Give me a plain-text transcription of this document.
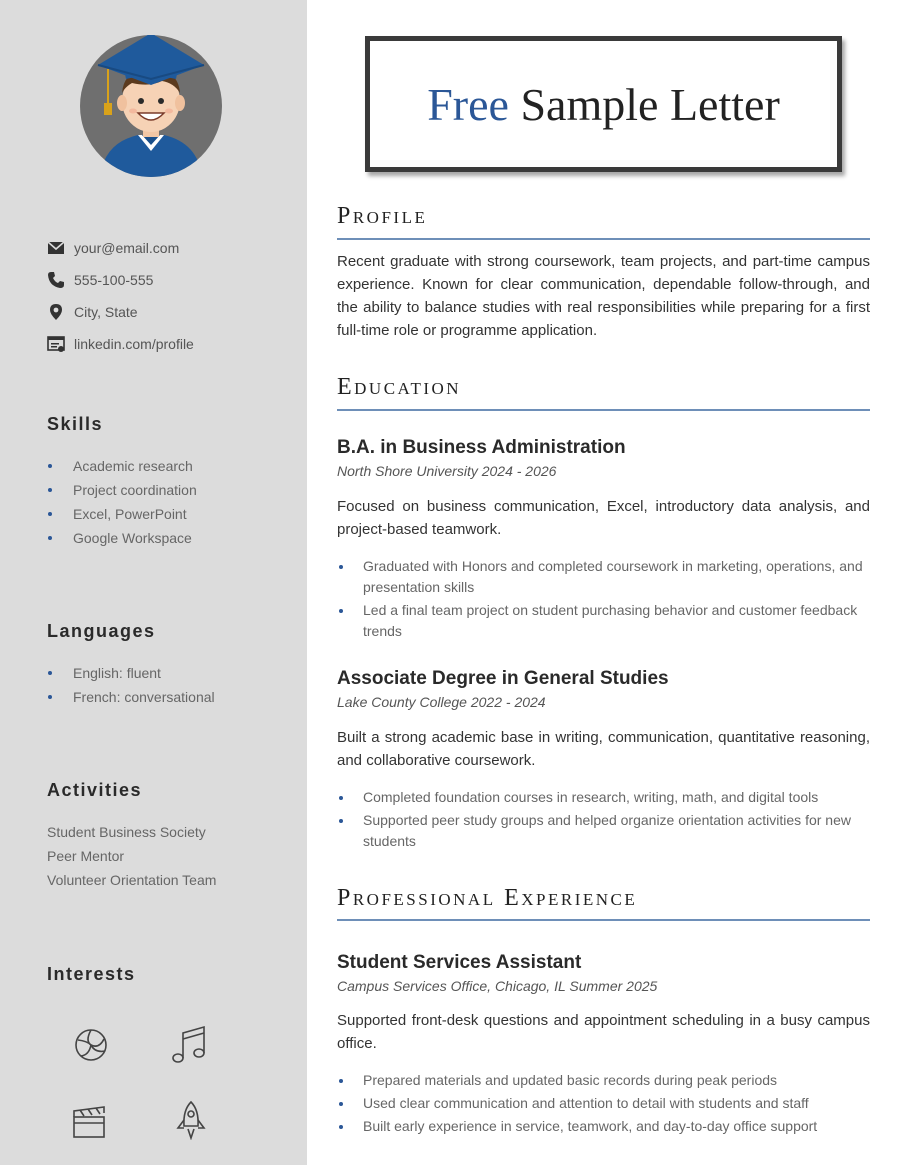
your@email.com
555-100-555
City, State
linkedin.com/profile
Skills
Academic research
Project coordination
Excel, PowerPoint
Google Workspace
Languages
English: fluent
French: conversational
Activities
Student Business Society
Peer Mentor
Volunteer Orientation Team
Interests
Free Sample Letter
Profile
Recent graduate with strong coursework, team projects, and part-time campus experience. Known for clear communication, dependable follow-through, and the ability to balance studies with real responsibilities while preparing for a first full-time role or programme application.
Education
B.A. in Business Administration
North Shore University 2024 - 2026
Focused on business communication, Excel, introductory data analysis, and project-based teamwork.
Graduated with Honors and completed coursework in marketing, operations, and presentation skills
Led a final team project on student purchasing behavior and customer feedback trends
Associate Degree in General Studies
Lake County College 2022 - 2024
Built a strong academic base in writing, communication, quantitative reasoning, and collaborative coursework.
Completed foundation courses in research, writing, math, and digital tools
Supported peer study groups and helped organize orientation activities for new students
Professional Experience
Student Services Assistant
Campus Services Office, Chicago, IL Summer 2025
Supported front-desk questions and appointment scheduling in a busy campus office.
Prepared materials and updated basic records during peak periods
Used clear communication and attention to detail with students and staff
Built early experience in service, teamwork, and day-to-day office support
